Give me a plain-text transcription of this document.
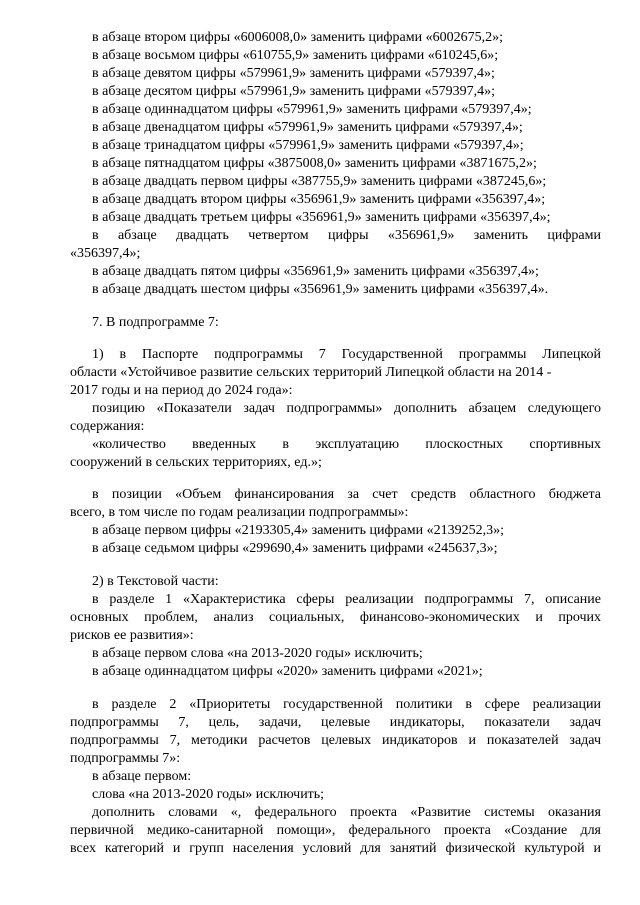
в абзаце втором цифры «6006008,0» заменить цифрами «6002675,2»;
в абзаце восьмом цифры «610755,9» заменить цифрами «610245,6»;
в абзаце девятом цифры «579961,9» заменить цифрами «579397,4»;
в абзаце десятом цифры «579961,9» заменить цифрами «579397,4»;
в абзаце одиннадцатом цифры «579961,9» заменить цифрами «579397,4»;
в абзаце двенадцатом цифры «579961,9» заменить цифрами «579397,4»;
в абзаце тринадцатом цифры «579961,9» заменить цифрами «579397,4»;
в абзаце пятнадцатом цифры «3875008,0» заменить цифрами «3871675,2»;
в абзаце двадцать первом цифры «387755,9» заменить цифрами «387245,6»;
в абзаце двадцать втором цифры «356961,9» заменить цифрами «356397,4»;
в абзаце двадцать третьем цифры «356961,9» заменить цифрами «356397,4»;
в абзаце двадцать четвертом цифры «356961,9» заменить цифрами
«356397,4»;
в абзаце двадцать пятом цифры «356961,9» заменить цифрами «356397,4»;
в абзаце двадцать шестом цифры «356961,9» заменить цифрами «356397,4».
7. В подпрограмме 7:
1) в Паспорте подпрограммы 7 Государственной программы Липецкой
области «Устойчивое развитие сельских территорий Липецкой области на 2014 -
2017 годы и на период до 2024 года»:
позицию «Показатели задач подпрограммы» дополнить абзацем следующего
содержания:
«количество введенных в эксплуатацию плоскостных спортивных
сооружений в сельских территориях, ед.»;
в позиции «Объем финансирования за счет средств областного бюджета
всего, в том числе по годам реализации подпрограммы»:
в абзаце первом цифры «2193305,4» заменить цифрами «2139252,3»;
в абзаце седьмом цифры «299690,4» заменить цифрами «245637,3»;
2) в Текстовой части:
в разделе 1 «Характеристика сферы реализации подпрограммы 7, описание
основных проблем, анализ социальных, финансово-экономических и прочих
рисков ее развития»:
в абзаце первом слова «на 2013-2020 годы» исключить;
в абзаце одиннадцатом цифры «2020» заменить цифрами «2021»;
в разделе 2 «Приоритеты государственной политики в сфере реализации
подпрограммы 7, цель, задачи, целевые индикаторы, показатели задач
подпрограммы 7, методики расчетов целевых индикаторов и показателей задач
подпрограммы 7»:
в абзаце первом:
слова «на 2013-2020 годы» исключить;
дополнить словами «, федерального проекта «Развитие системы оказания
первичной медико-санитарной помощи», федерального проекта «Создание для
всех категорий и групп населения условий для занятий физической культурой и
